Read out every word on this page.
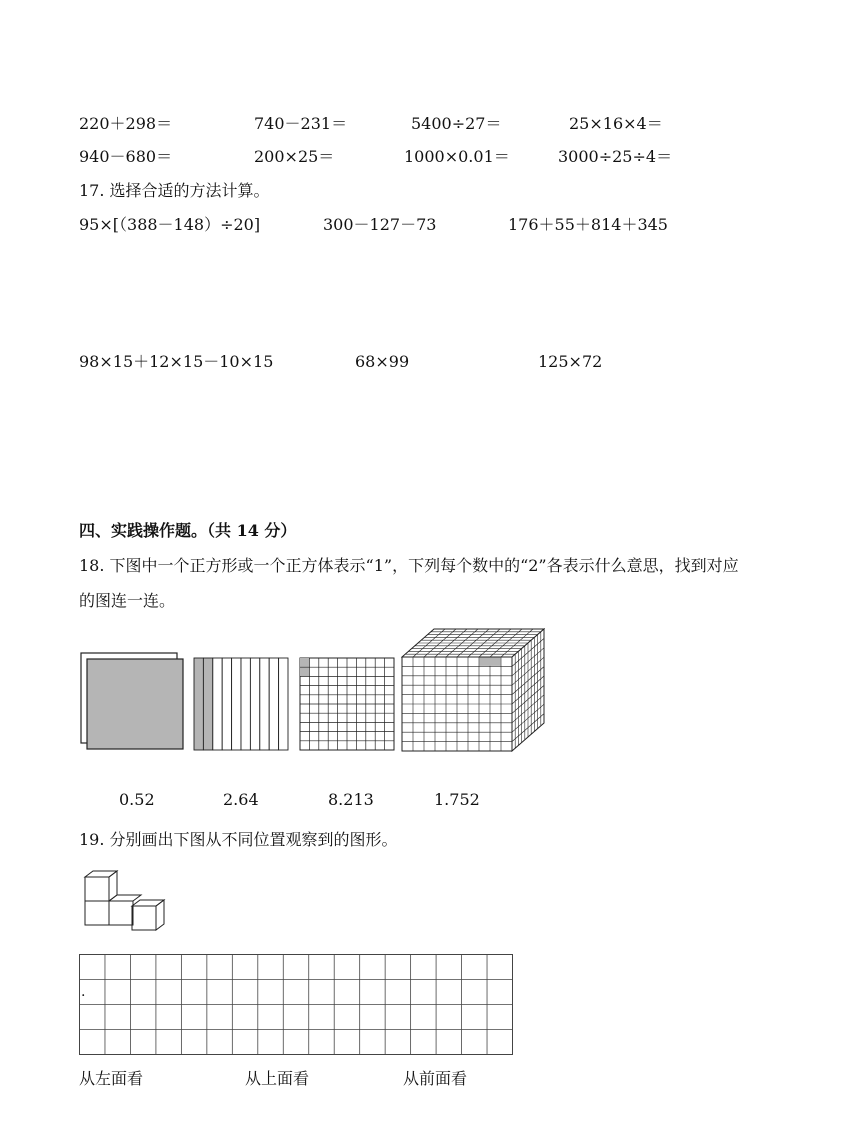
220＋298＝	740－231＝	5400÷27＝	25×16×4＝
940－680＝	200×25＝	1000×0.01＝	3000÷25÷4＝
17. 选择合适的方法计算。
95×[（388－148）÷20]	300－127－73	176＋55＋814＋345
98×15＋12×15－10×15	68×99	125×72
四、实践操作题。（共 14 分）
18. 下图中一个正方形或一个正方体表示“1”，下列每个数中的“2”各表示什么意思，找到对应
的图连一连。
0.52	2.64	8.213	1.752
19. 分别画出下图从不同位置观察到的图形。
.
从左面看	从上面看	从前面看
